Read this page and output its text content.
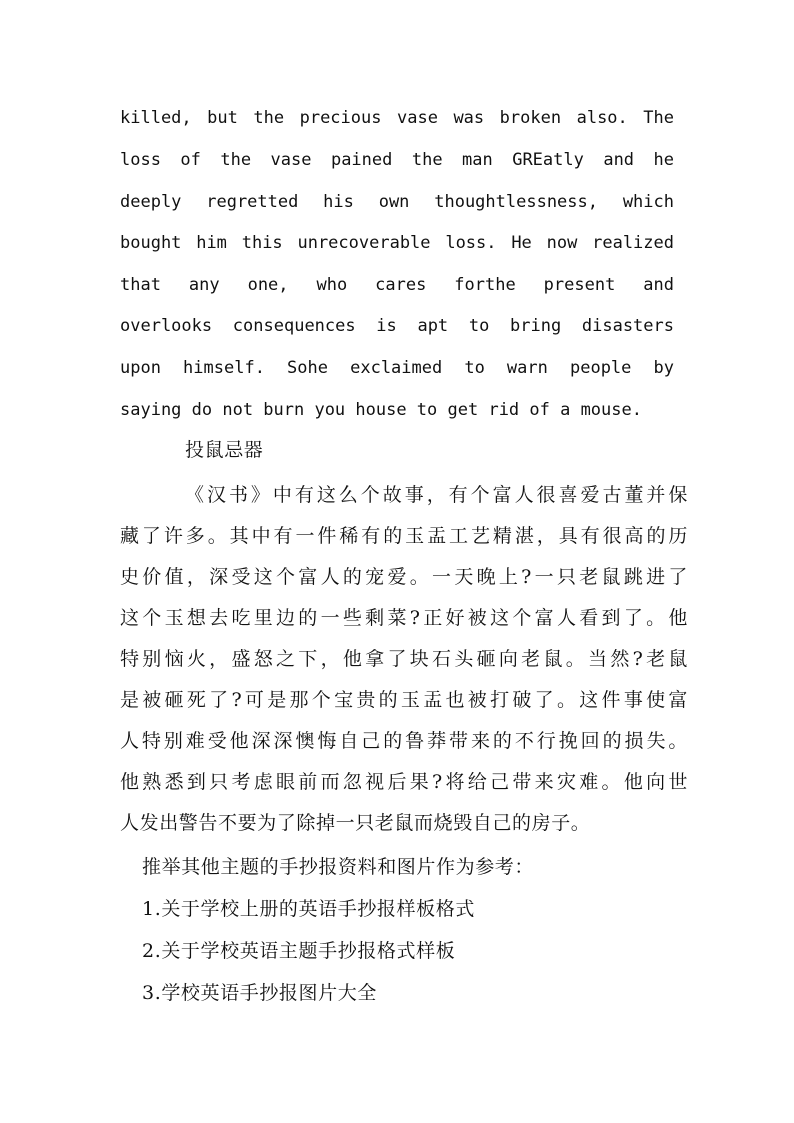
killed, but the precious vase was broken also. The
loss of the vase pained the man GREatly and he
deeply regretted his own thoughtlessness, which
bought him this unrecoverable loss. He now realized
that any one, who cares forthe present and
overlooks consequences is apt to bring disasters
upon himself. Sohe exclaimed to warn people by
saying do not burn you house to get rid of a mouse.
投鼠忌器
《汉书》中有这么个故事，有个富人很喜爱古董并保
藏了许多。其中有一件稀有的玉盂工艺精湛，具有很高的历
史价值，深受这个富人的宠爱。一天晚上?一只老鼠跳进了
这个玉想去吃里边的一些剩菜?正好被这个富人看到了。他
特别恼火，盛怒之下，他拿了块石头砸向老鼠。当然?老鼠
是被砸死了?可是那个宝贵的玉盂也被打破了。这件事使富
人特别难受他深深懊悔自己的鲁莽带来的不行挽回的损失。
他熟悉到只考虑眼前而忽视后果?将给己带来灾难。他向世
人发出警告不要为了除掉一只老鼠而烧毁自己的房子。
推举其他主题的手抄报资料和图片作为参考：
1.关于学校上册的英语手抄报样板格式
2.关于学校英语主题手抄报格式样板
3.学校英语手抄报图片大全
